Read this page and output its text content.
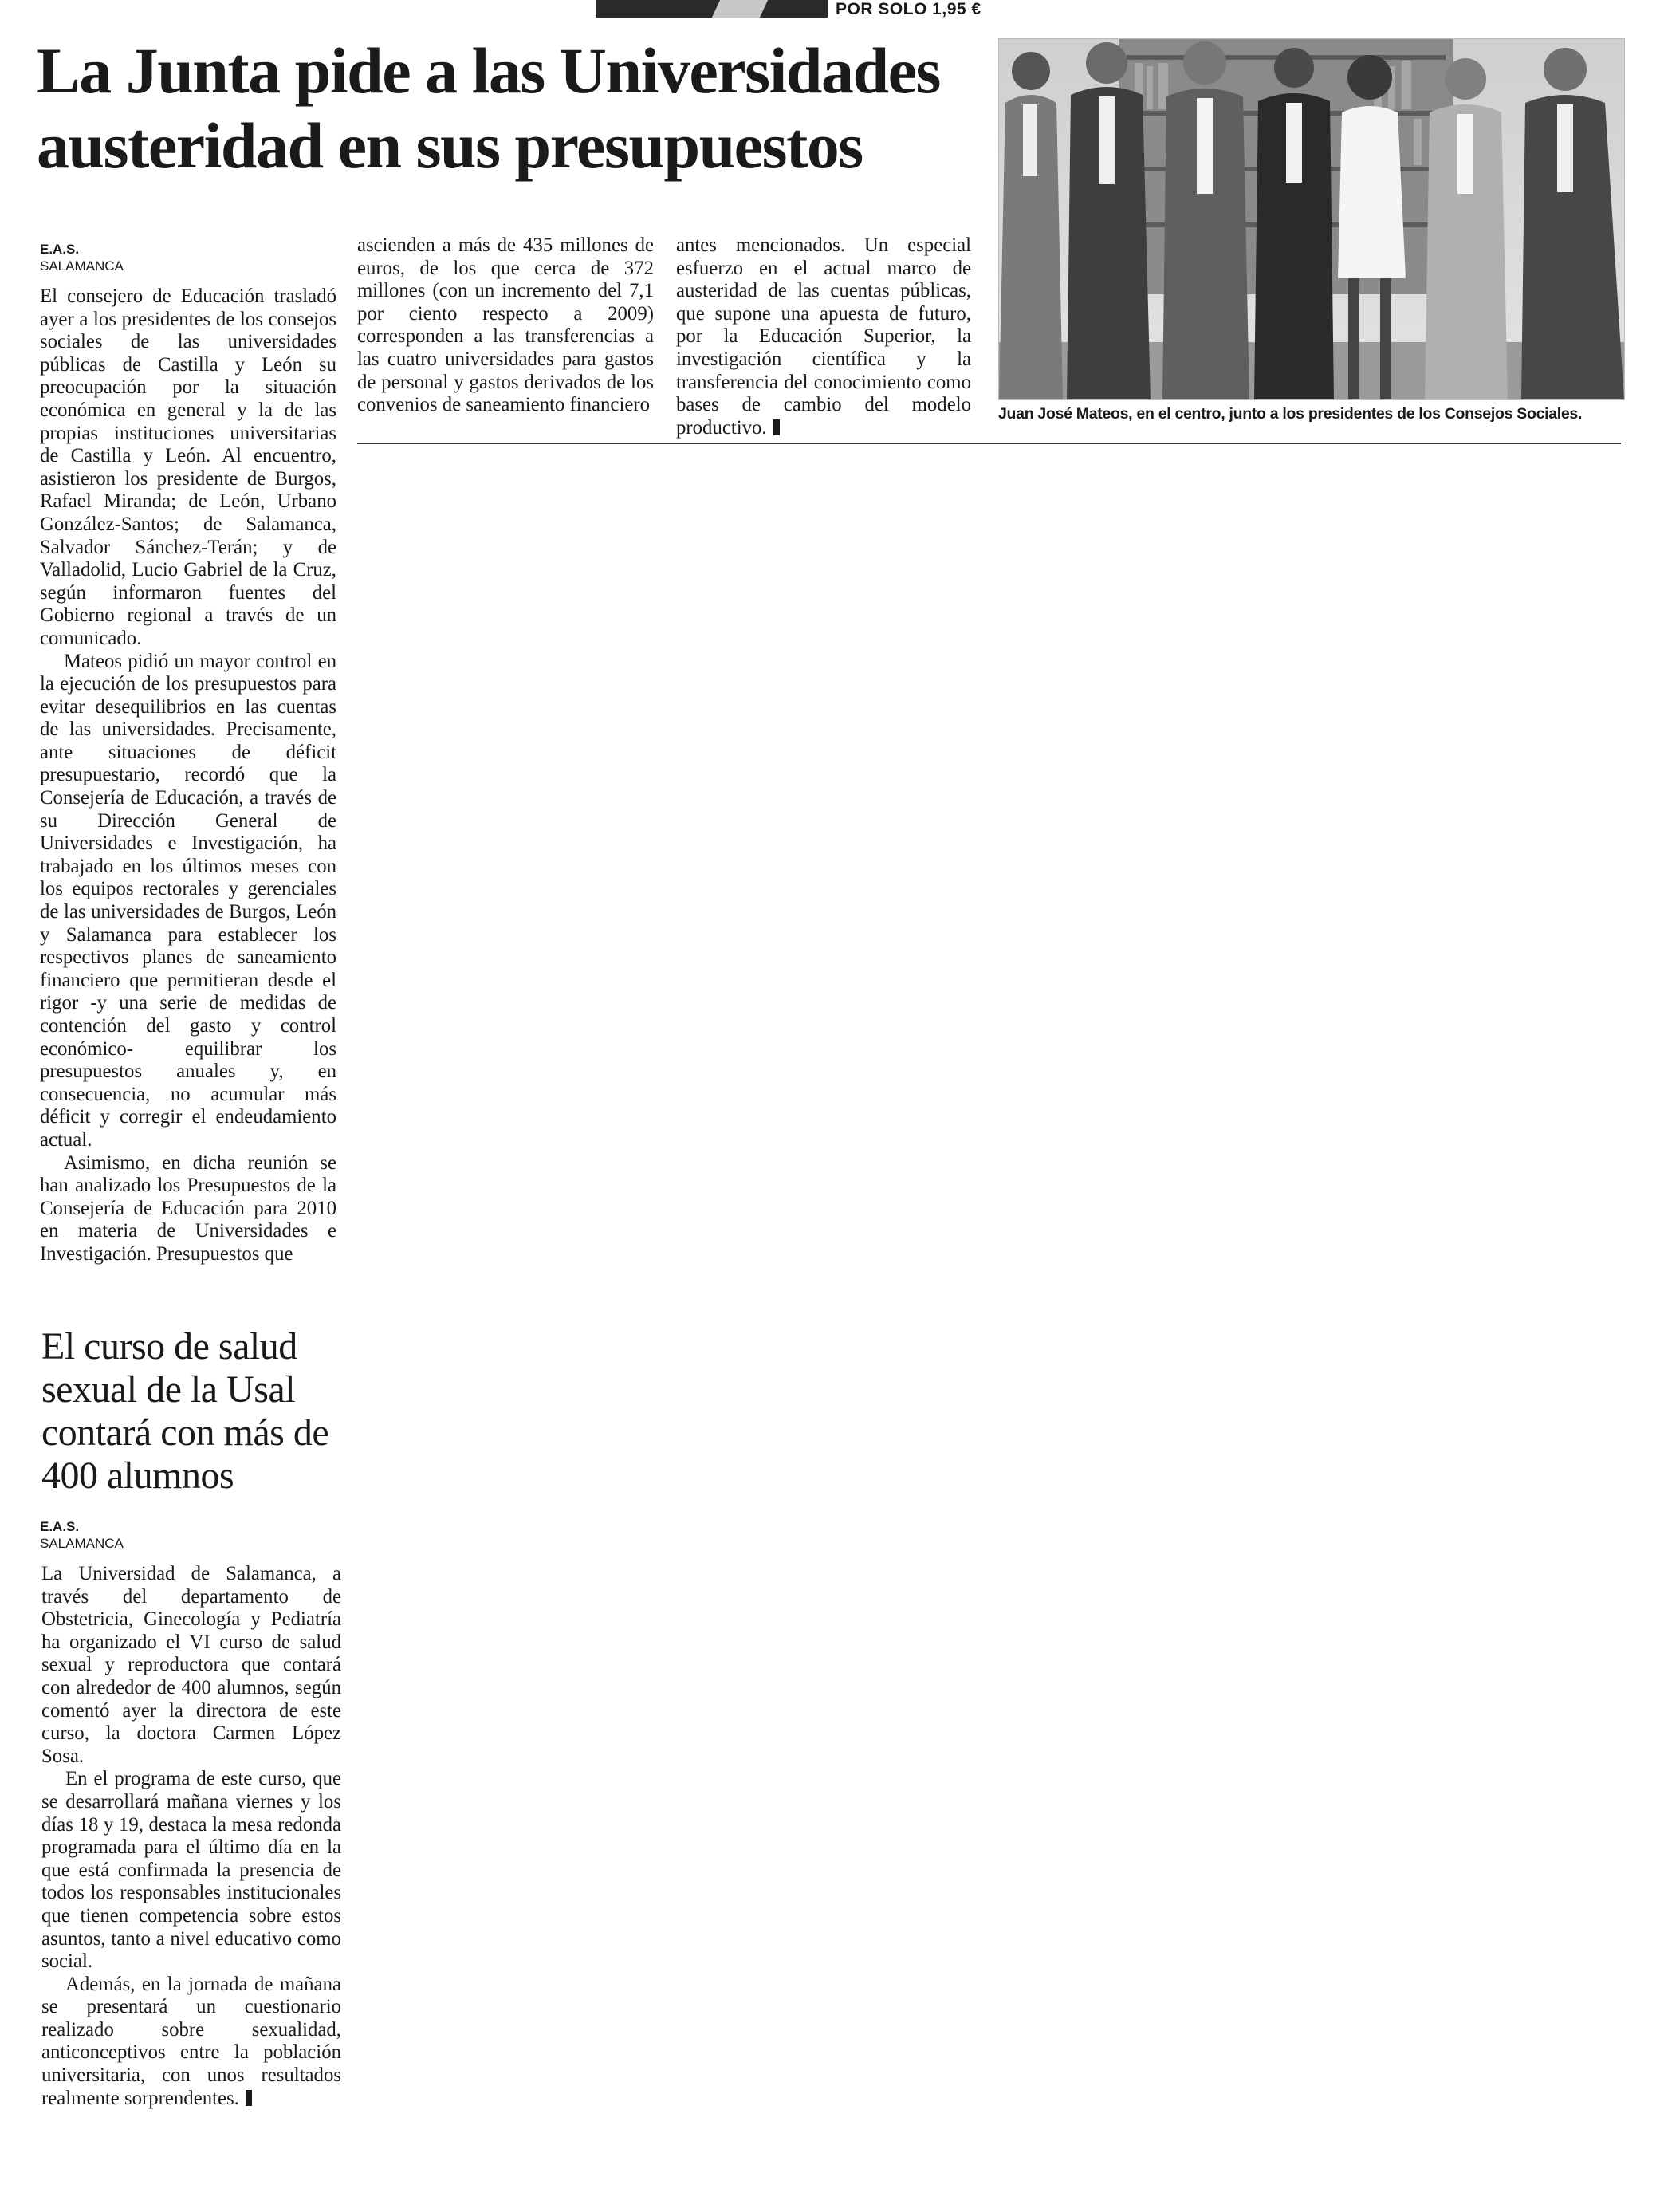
POR SOLO 1,95 €
La Junta pide a las Universidades austeridad en sus presupuestos
E.A.S.
SALAMANCA

El consejero de Educación trasladó ayer a los presidentes de los consejos sociales de las universidades públicas de Castilla y León su preocupación por la situación económica en general y la de las propias instituciones universitarias de Castilla y León. Al encuentro, asistieron los presidente de Burgos, Rafael Miranda; de León, Urbano González-Santos; de Salamanca, Salvador Sánchez-Terán; y de Valladolid, Lucio Gabriel de la Cruz, según informaron fuentes del Gobierno regional a través de un comunicado.

Mateos pidió un mayor control en la ejecución de los presupuestos para evitar desequilibrios en las cuentas de las universidades. Precisamente, ante situaciones de déficit presupuestario, recordó que la Consejería de Educación, a través de su Dirección General de Universidades e Investigación, ha trabajado en los últimos meses con los equipos rectorales y gerenciales de las universidades de Burgos, León y Salamanca para establecer los respectivos planes de saneamiento financiero que permitieran desde el rigor -y una serie de medidas de contención del gasto y control económico- equilibrar los presupuestos anuales y, en consecuencia, no acumular más déficit y corregir el endeudamiento actual.

Asimismo, en dicha reunión se han analizado los Presupuestos de la Consejería de Educación para 2010 en materia de Universidades e Investigación. Presupuestos que

ascienden a más de 435 millones de euros, de los que cerca de 372 millones (con un incremento del 7,1 por ciento respecto a 2009) corresponden a las transferencias a las cuatro universidades para gastos de personal y gastos derivados de los convenios de saneamiento financiero

antes mencionados. Un especial esfuerzo en el actual marco de austeridad de las cuentas públicas, que supone una apuesta de futuro, por la Educación Superior, la investigación científica y la transferencia del conocimiento como bases de cambio del modelo productivo.

Juan José Mateos, en el centro, junto a los presidentes de los Consejos Sociales.
El curso de salud sexual de la Usal contará con más de 400 alumnos
E.A.S.
SALAMANCA

La Universidad de Salamanca, a través del departamento de Obstetricia, Ginecología y Pediatría ha organizado el VI curso de salud sexual y reproductora que contará con alrededor de 400 alumnos, según comentó ayer la directora de este curso, la doctora Carmen López Sosa.

En el programa de este curso, que se desarrollará mañana viernes y los días 18 y 19, destaca la mesa redonda programada para el último día en la que está confirmada la presencia de todos los responsables institucionales que tienen competencia sobre estos asuntos, tanto a nivel educativo como social.

Además, en la jornada de mañana se presentará un cuestionario realizado sobre sexualidad, anticonceptivos entre la población universitaria, con unos resultados realmente sorprendentes.
